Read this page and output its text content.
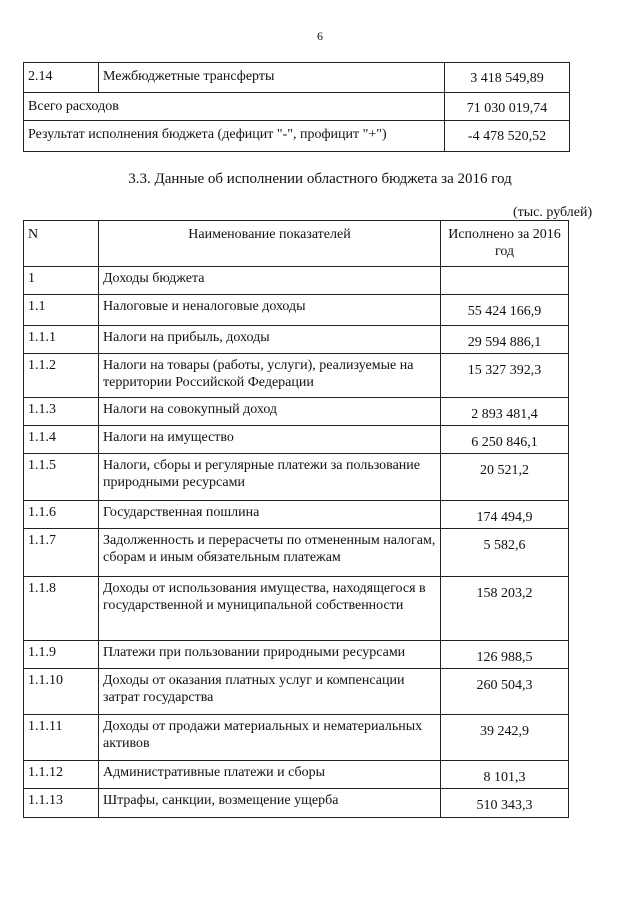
6
2.14	Межбюджетные трансферты	3 418 549,89
Всего расходов		71 030 019,74
Результат исполнения бюджета (дефицит "-", профицит "+")		-4 478 520,52
3.3. Данные об исполнении областного бюджета за 2016 год
(тыс. рублей)
N	Наименование показателей	Исполнено за 2016 год
1	Доходы бюджета	
1.1	Налоговые и неналоговые доходы	55 424 166,9
1.1.1	Налоги на прибыль, доходы	29 594 886,1
1.1.2	Налоги на товары (работы, услуги), реализуемые на территории Российской Федерации	15 327 392,3
1.1.3	Налоги на совокупный доход	2 893 481,4
1.1.4	Налоги на имущество	6 250 846,1
1.1.5	Налоги, сборы и регулярные платежи за пользование природными ресурсами	20 521,2
1.1.6	Государственная пошлина	174 494,9
1.1.7	Задолженность и перерасчеты по отмененным налогам, сборам и иным обязательным платежам	5 582,6
1.1.8	Доходы от использования имущества, находящегося в государственной и муниципальной собственности	158 203,2
1.1.9	Платежи при пользовании природными ресурсами	126 988,5
1.1.10	Доходы от оказания платных услуг и компенсации затрат государства	260 504,3
1.1.11	Доходы от продажи материальных и нематериальных активов	39 242,9
1.1.12	Административные платежи и сборы	8 101,3
1.1.13	Штрафы, санкции, возмещение ущерба	510 343,3
